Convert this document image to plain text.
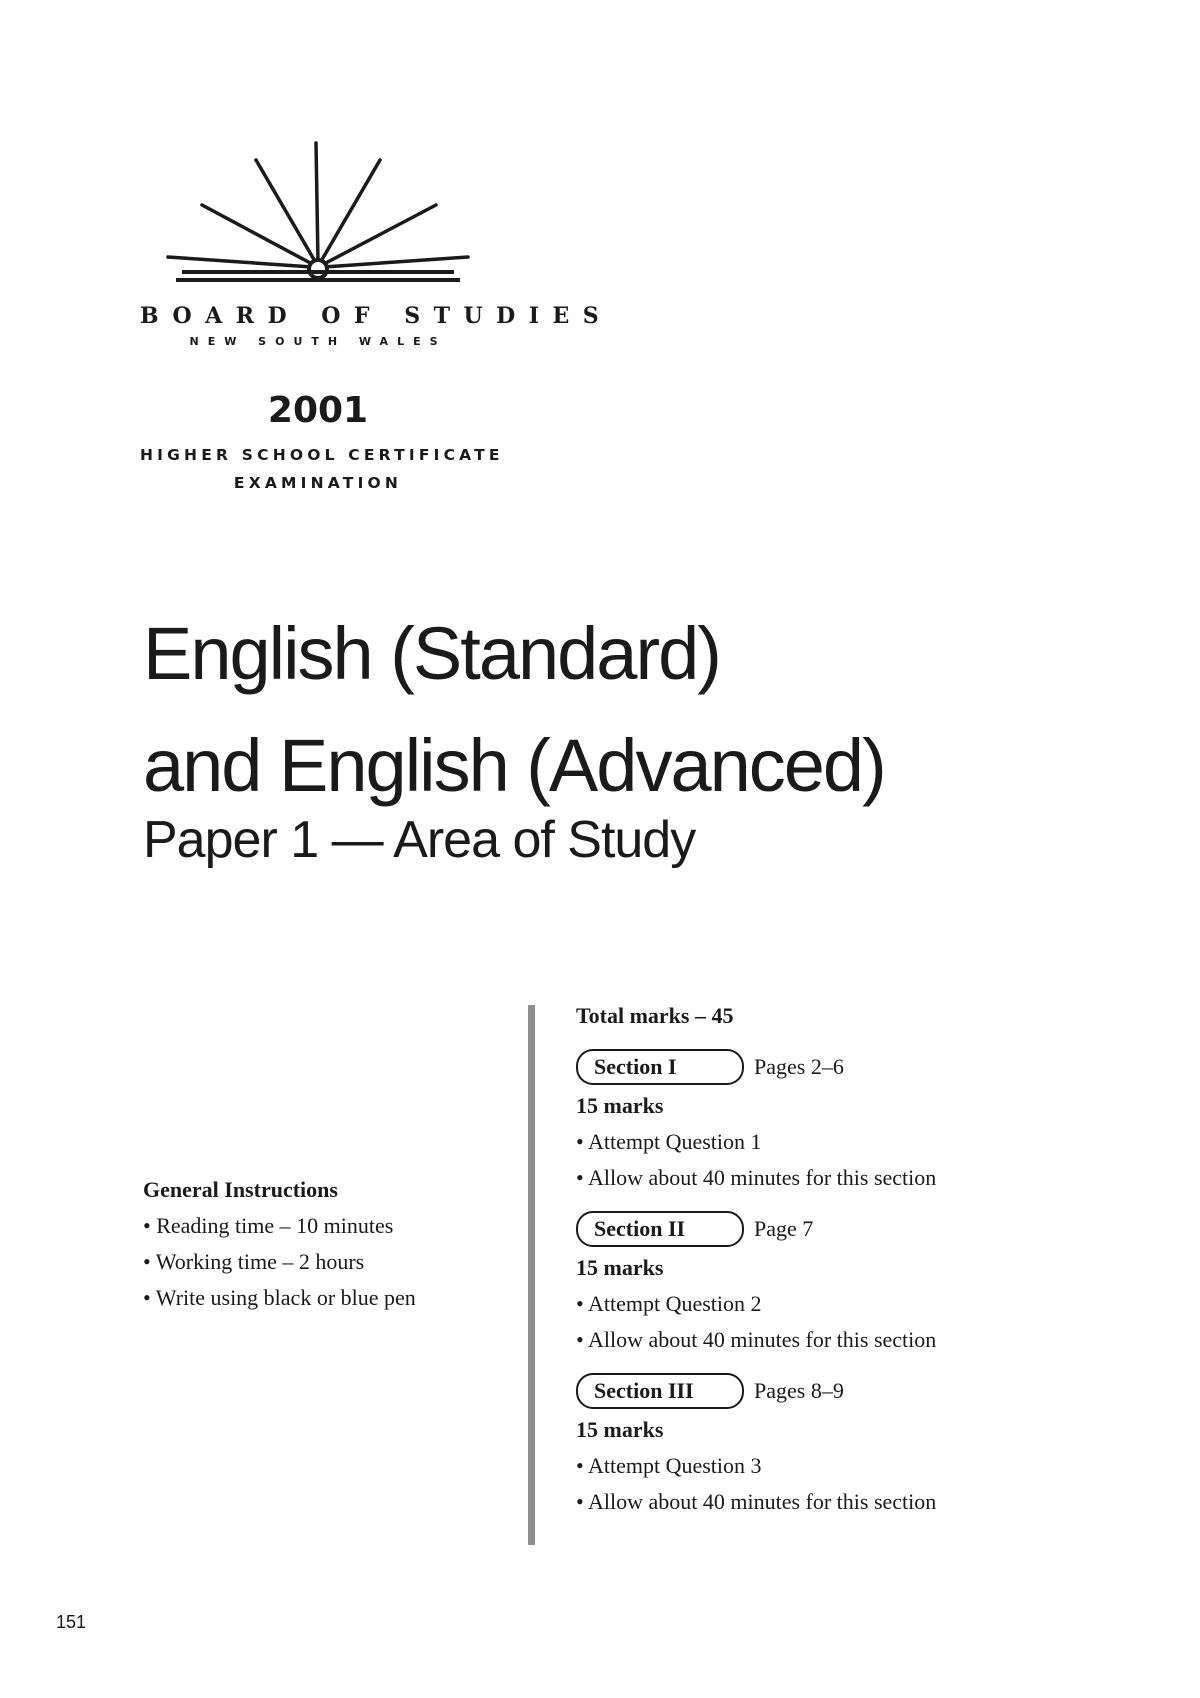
BOARD OF STUDIES
NEW SOUTH WALES
2001
HIGHER SCHOOL CERTIFICATE
EXAMINATION
English (Standard)
and English (Advanced)
Paper 1 — Area of Study
General Instructions
• Reading time – 10 minutes
• Working time – 2 hours
• Write using black or blue pen
Total marks – 45
Section I	Pages 2–6
15 marks
• Attempt Question 1
• Allow about 40 minutes for this section
Section II	Page 7
15 marks
• Attempt Question 2
• Allow about 40 minutes for this section
Section III	Pages 8–9
15 marks
• Attempt Question 3
• Allow about 40 minutes for this section
151
